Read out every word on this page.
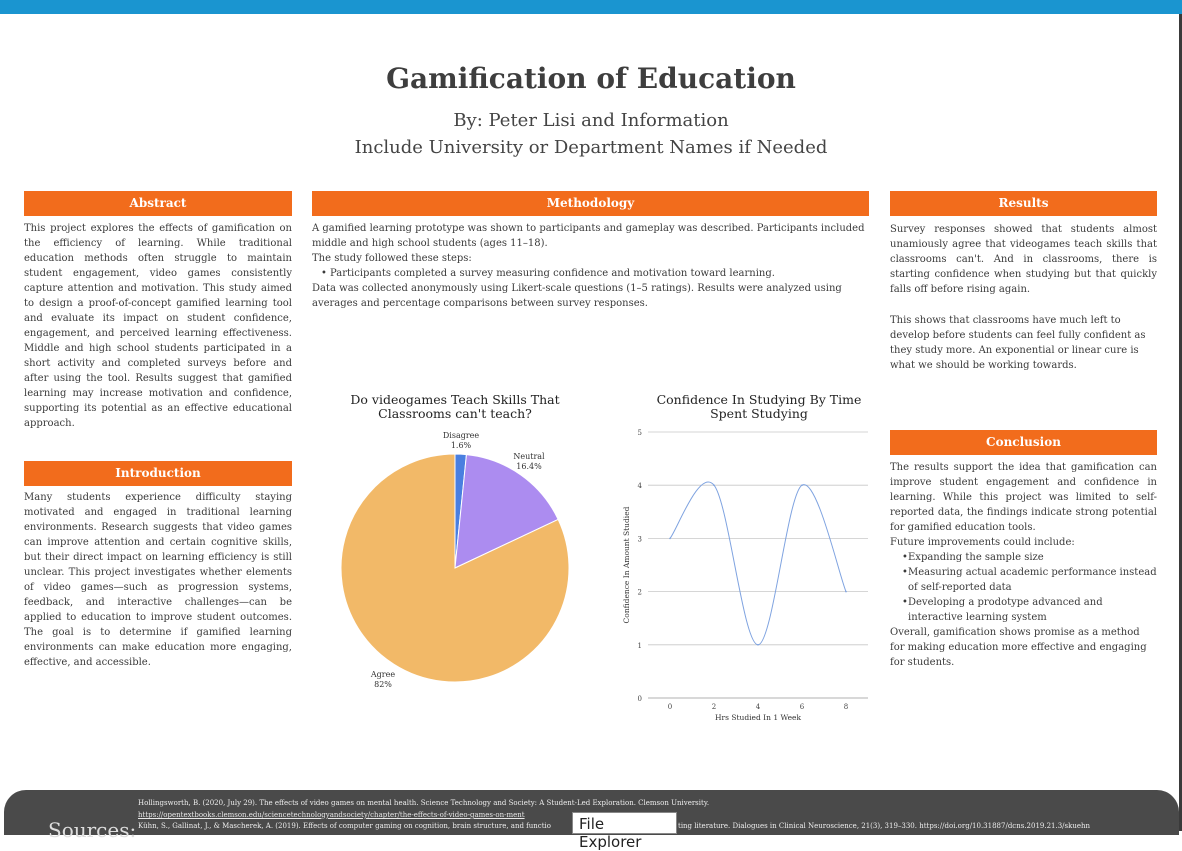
Gamification of Education
By: Peter Lisi and Information
Include University or Department Names if Needed
Abstract
This project explores the effects of gamification on the efficiency of learning. While traditional education methods often struggle to maintain student engagement, video games consistently capture attention and motivation. This study aimed to design a proof-of-concept gamified learning tool and evaluate its impact on student confidence, engagement, and perceived learning effectiveness. Middle and high school students participated in a short activity and completed surveys before and after using the tool. Results suggest that gamified learning may increase motivation and confidence, supporting its potential as an effective educational approach.
Introduction
Many students experience difficulty staying motivated and engaged in traditional learning environments. Research suggests that video games can improve attention and certain cognitive skills, but their direct impact on learning efficiency is still unclear. This project investigates whether elements of video games—such as progression systems, feedback, and interactive challenges—can be applied to education to improve student outcomes. The goal is to determine if gamified learning environments can make education more engaging, effective, and accessible.
Methodology
A gamified learning prototype was shown to participants and gameplay was described. Participants included middle and high school students (ages 11–18).
The study followed these steps:
• Participants completed a survey measuring confidence and motivation toward learning.
Data was collected anonymously using Likert-scale questions (1–5 ratings). Results were analyzed using averages and percentage comparisons between survey responses.
Results
Survey responses showed that students almost unamiously agree that videogames teach skills that classrooms can't. And in classrooms, there is starting confidence when studying but that quickly falls off before rising again.
This shows that classrooms have much left to develop before students can feel fully confident as they study more. An exponential or linear cure is what we should be working towards.
Conclusion
The results support the idea that gamification can improve student engagement and confidence in learning. While this project was limited to self-reported data, the findings indicate strong potential for gamified education tools.
Future improvements could include:
• Expanding the sample size
• Measuring actual academic performance instead of self-reported data
• Developing a prodotype advanced and interactive learning system
Overall, gamification shows promise as a method for making education more effective and engaging for students.
Do videogames Teach Skills That Classrooms can't teach?
Disagree
1.6%
Neutral
16.4%
Agree
82%
Confidence In Studying By Time Spent Studying
0
1
2
3
4
5
0	2	4	6	8
Hrs Studied In 1 Week
Confidence In Amount Studied
Sources:
Hollingsworth, B. (2020, July 29). The effects of video games on mental health. Science Technology and Society: A Student-Led Exploration. Clemson University.
https://opentextbooks.clemson.edu/sciencetechnologyandsociety/chapter/the-effects-of-video-games-on-ment
Kühn, S., Gallinat, J., & Mascherek, A. (2019). Effects of computer gaming on cognition, brain structure, and functio	ting literature. Dialogues in Clinical Neuroscience, 21(3), 319–330. https://doi.org/10.31887/dcns.2019.21.3/skuehn
File Explorer
